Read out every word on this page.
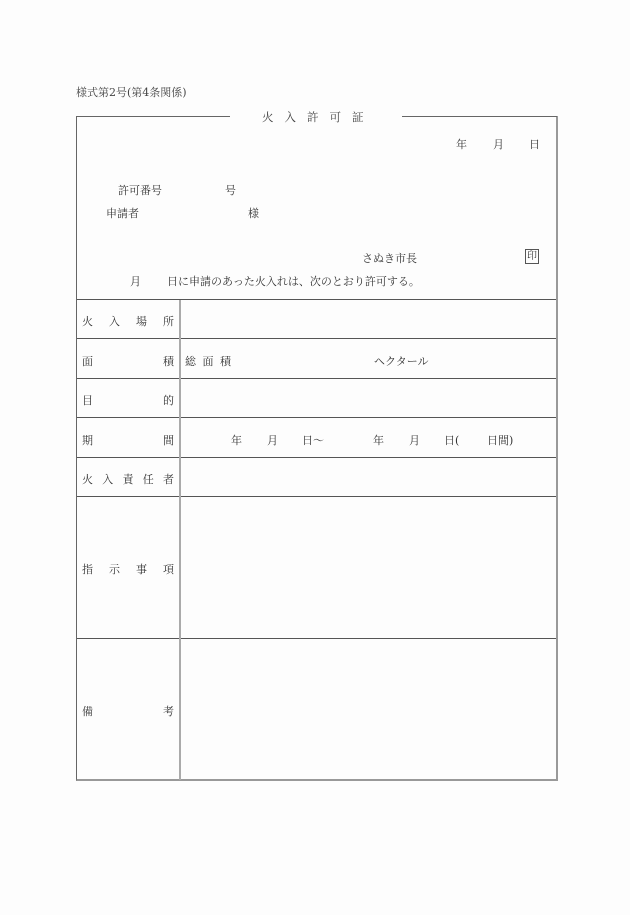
様式第2号(第4条関係)
火入許可証
年 月 日
許可番号	号
申請者	様
さぬき市長	印
月 日に申請のあった火入れは、次のとおり許可する。
火 入 場 所
面	積 総 面 積	ヘクタール
目	的
期	間	年 月 日〜	年 月 日(	日間)
火 入 責 任 者
指 示 事 項
備	考
